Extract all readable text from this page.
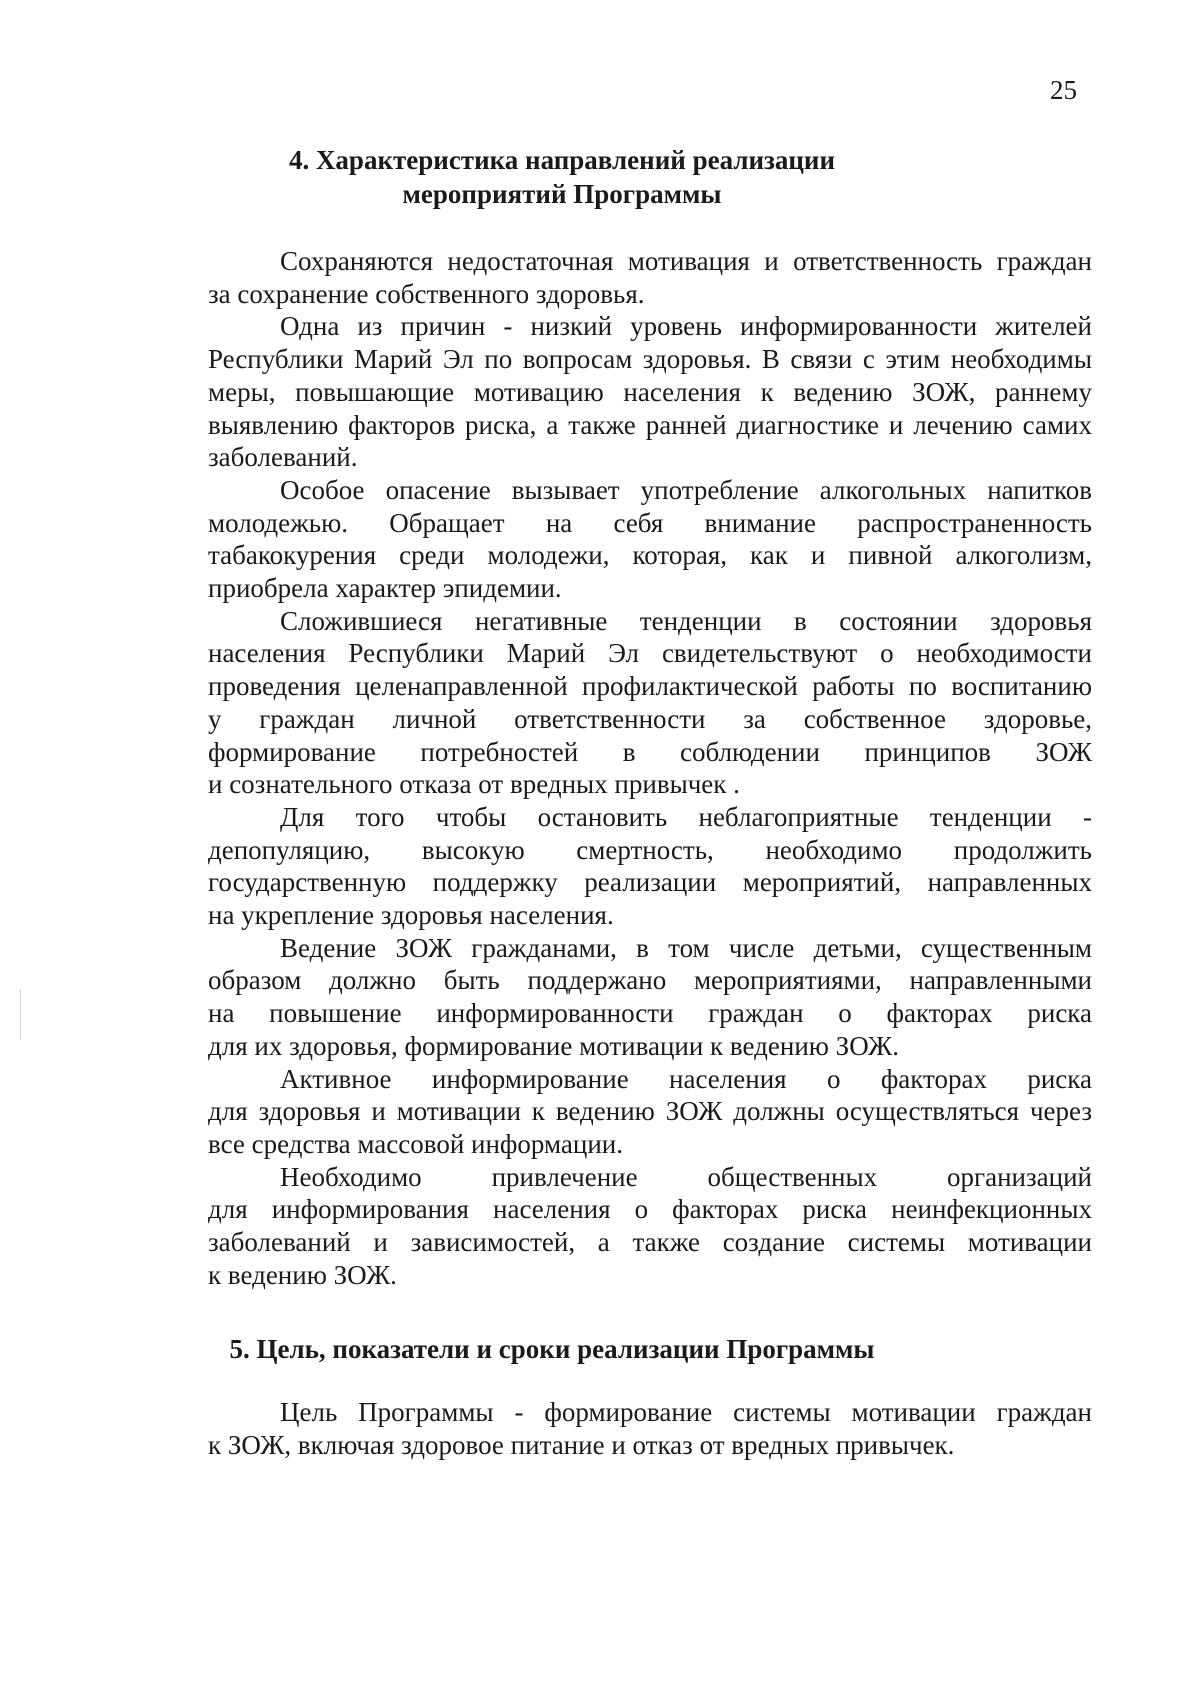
25
4. Характеристика направлений реализации
мероприятий Программы
Сохраняются недостаточная мотивация и ответственность граждан
за сохранение собственного здоровья.
Одна из причин - низкий уровень информированности жителей
Республики Марий Эл по вопросам здоровья. В связи с этим необходимы
меры, повышающие мотивацию населения к ведению ЗОЖ, раннему
выявлению факторов риска, а также ранней диагностике и лечению самих
заболеваний.
Особое опасение вызывает употребление алкогольных напитков
молодежью. Обращает на себя внимание распространенность
табакокурения среди молодежи, которая, как и пивной алкоголизм,
приобрела характер эпидемии.
Сложившиеся негативные тенденции в состоянии здоровья
населения Республики Марий Эл свидетельствуют о необходимости
проведения целенаправленной профилактической работы по воспитанию
у граждан личной ответственности за собственное здоровье,
формирование потребностей в соблюдении принципов ЗОЖ
и сознательного отказа от вредных привычек .
Для того чтобы остановить неблагоприятные тенденции -
депопуляцию, высокую смертность, необходимо продолжить
государственную поддержку реализации мероприятий, направленных
на укрепление здоровья населения.
Ведение ЗОЖ гражданами, в том числе детьми, существенным
образом должно быть поддержано мероприятиями, направленными
на повышение информированности граждан о факторах риска
для их здоровья, формирование мотивации к ведению ЗОЖ.
Активное информирование населения о факторах риска
для здоровья и мотивации к ведению ЗОЖ должны осуществляться через
все средства массовой информации.
Необходимо привлечение общественных организаций
для информирования населения о факторах риска неинфекционных
заболеваний и зависимостей, а также создание системы мотивации
к ведению ЗОЖ.
5. Цель, показатели и сроки реализации Программы
Цель Программы - формирование системы мотивации граждан
к ЗОЖ, включая здоровое питание и отказ от вредных привычек.
